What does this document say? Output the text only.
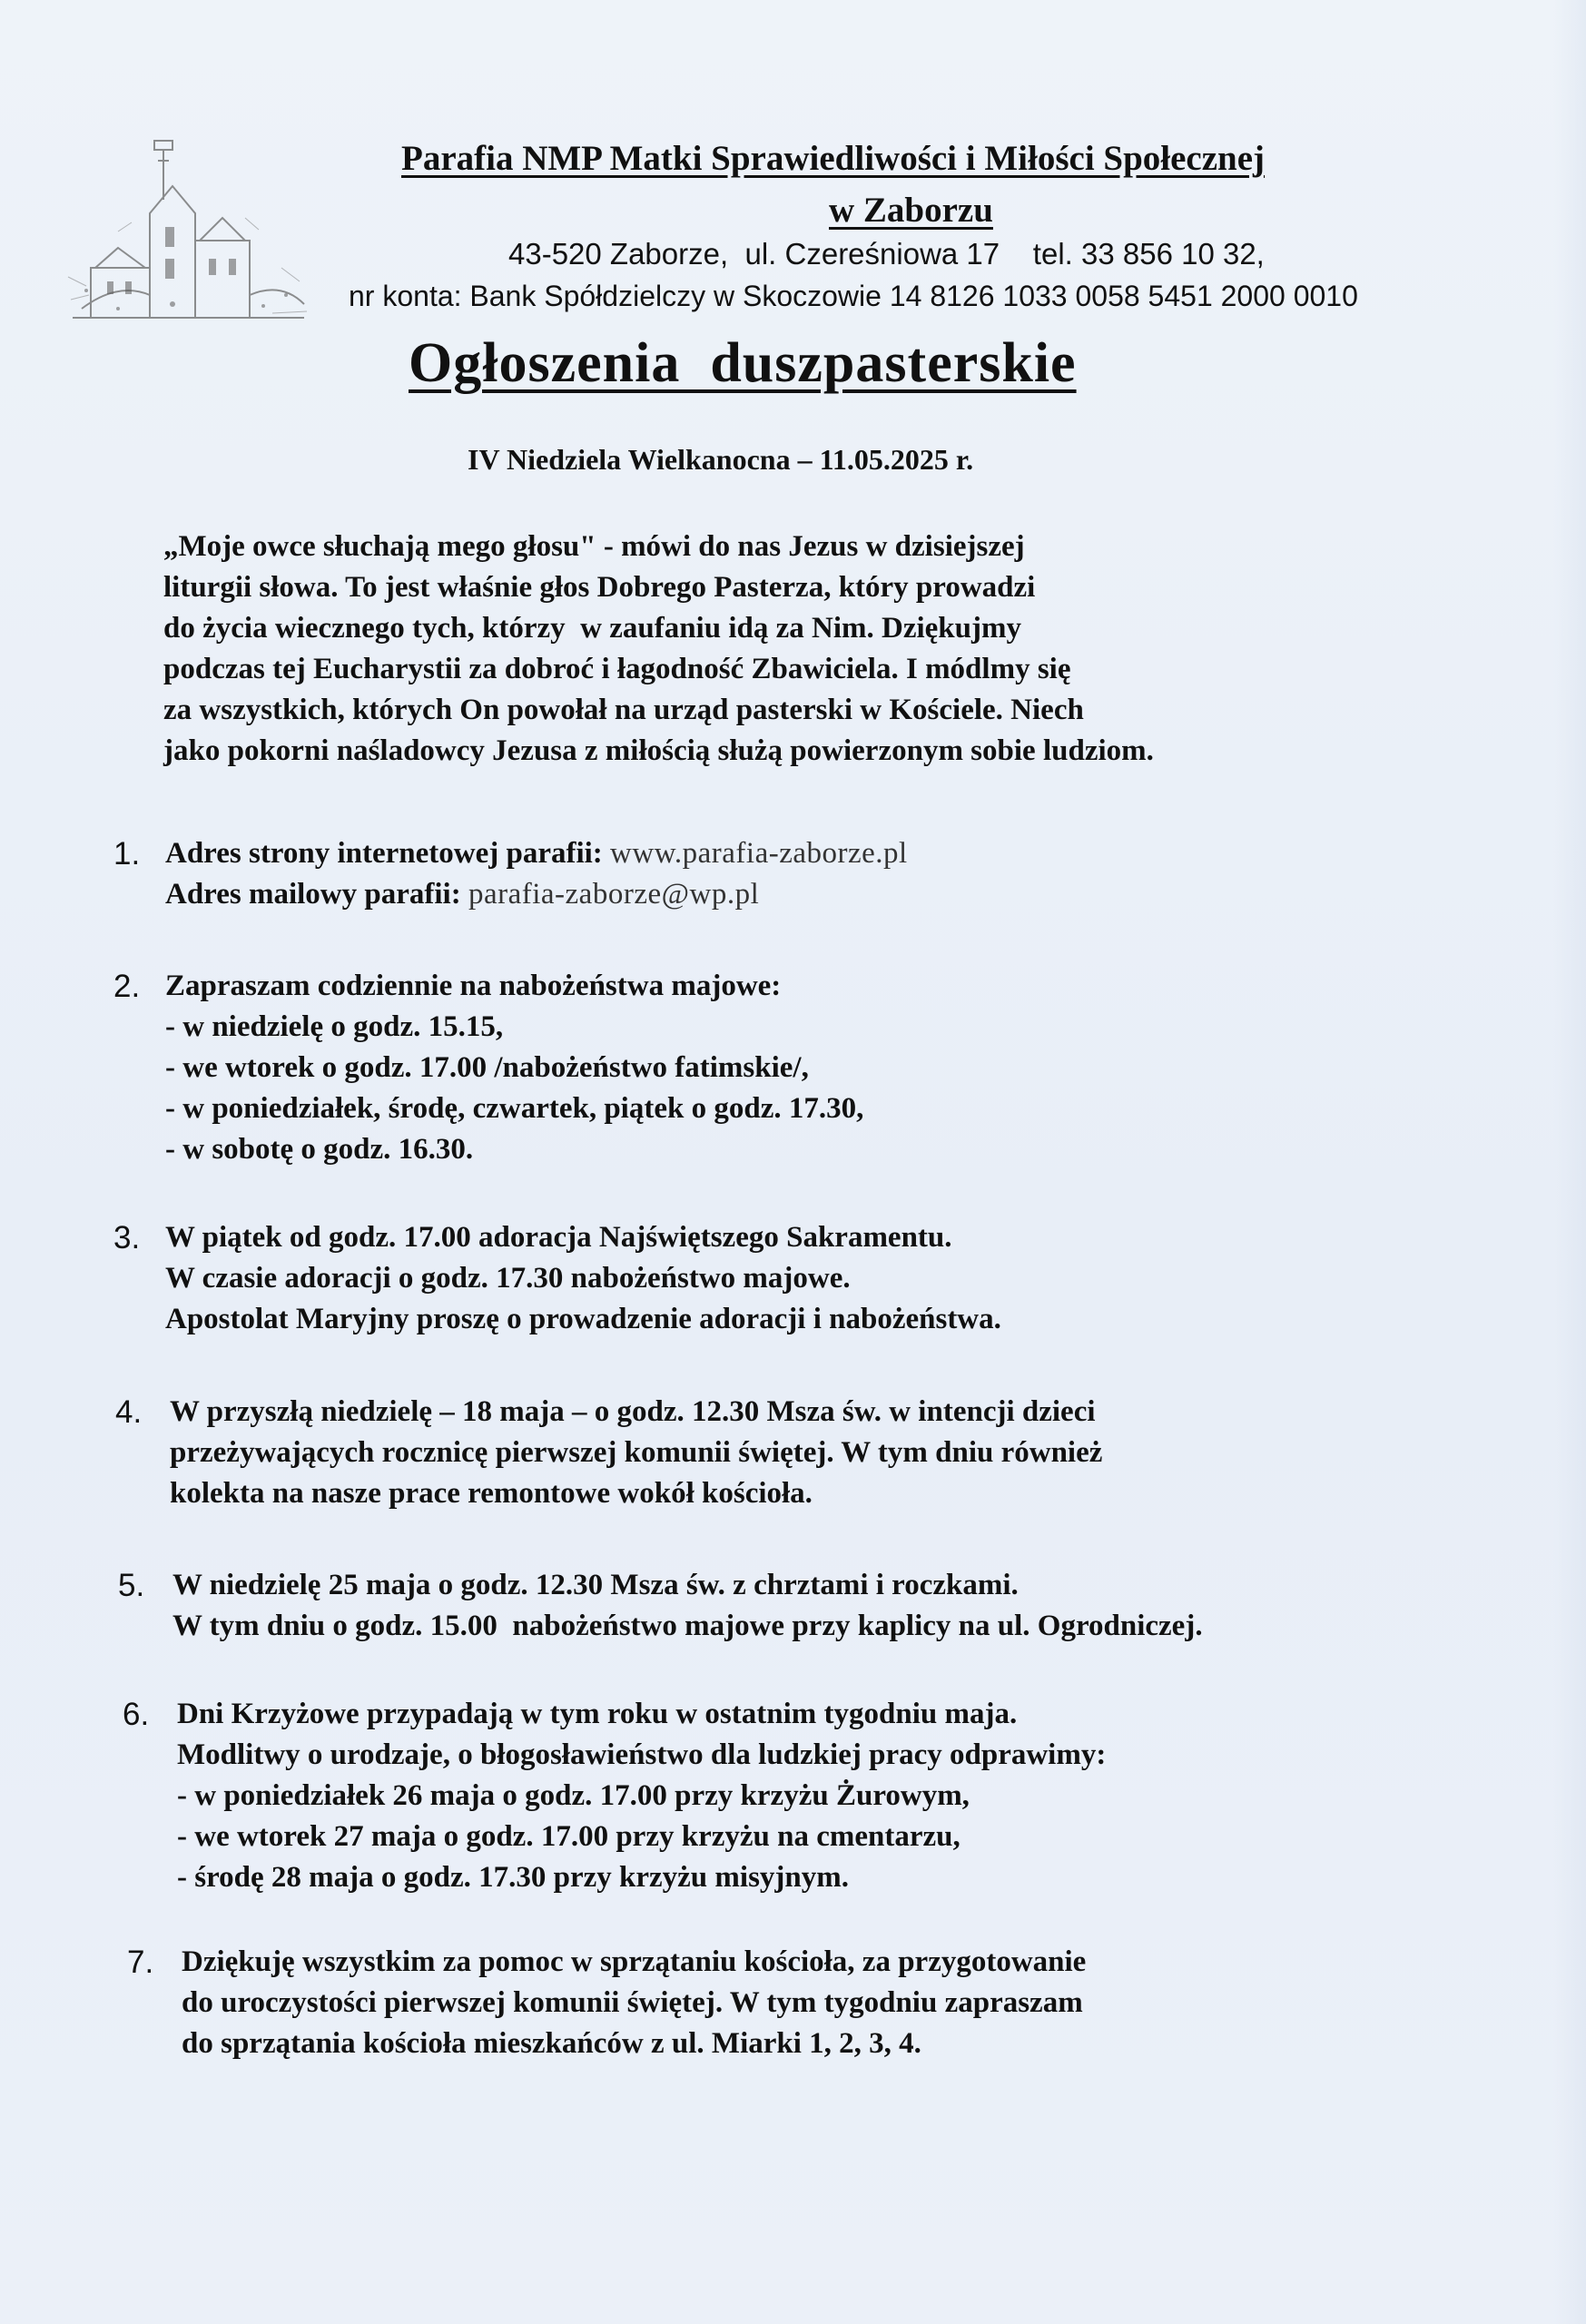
Parafia NMP Matki Sprawiedliwości i Miłości Społecznej
w Zaborzu
43-520 Zaborze,  ul. Czereśniowa 17    tel. 33 856 10 32,
nr konta: Bank Spółdzielczy w Skoczowie 14 8126 1033 0058 5451 2000 0010
Ogłoszenia  duszpasterskie
IV Niedziela Wielkanocna – 11.05.2025 r.
„Moje owce słuchają mego głosu" - mówi do nas Jezus w dzisiejszej
liturgii słowa. To jest właśnie głos Dobrego Pasterza, który prowadzi
do życia wiecznego tych, którzy  w zaufaniu idą za Nim. Dziękujmy
podczas tej Eucharystii za dobroć i łagodność Zbawiciela. I módlmy się
za wszystkich, których On powołał na urząd pasterski w Kościele. Niech
jako pokorni naśladowcy Jezusa z miłością służą powierzonym sobie ludziom.
1. Adres strony internetowej parafii: www.parafia-zaborze.pl
Adres mailowy parafii: parafia-zaborze@wp.pl
2. Zapraszam codziennie na nabożeństwa majowe:
- w niedzielę o godz. 15.15,
- we wtorek o godz. 17.00 /nabożeństwo fatimskie/,
- w poniedziałek, środę, czwartek, piątek o godz. 17.30,
- w sobotę o godz. 16.30.
3. W piątek od godz. 17.00 adoracja Najświętszego Sakramentu.
W czasie adoracji o godz. 17.30 nabożeństwo majowe.
Apostolat Maryjny proszę o prowadzenie adoracji i nabożeństwa.
4. W przyszłą niedzielę – 18 maja – o godz. 12.30 Msza św. w intencji dzieci
przeżywających rocznicę pierwszej komunii świętej. W tym dniu również
kolekta na nasze prace remontowe wokół kościoła.
5. W niedzielę 25 maja o godz. 12.30 Msza św. z chrztami i roczkami.
W tym dniu o godz. 15.00  nabożeństwo majowe przy kaplicy na ul. Ogrodniczej.
6. Dni Krzyżowe przypadają w tym roku w ostatnim tygodniu maja.
Modlitwy o urodzaje, o błogosławieństwo dla ludzkiej pracy odprawimy:
- w poniedziałek 26 maja o godz. 17.00 przy krzyżu Żurowym,
- we wtorek 27 maja o godz. 17.00 przy krzyżu na cmentarzu,
- środę 28 maja o godz. 17.30 przy krzyżu misyjnym.
7. Dziękuję wszystkim za pomoc w sprzątaniu kościoła, za przygotowanie
do uroczystości pierwszej komunii świętej. W tym tygodniu zapraszam
do sprzątania kościoła mieszkańców z ul. Miarki 1, 2, 3, 4.
